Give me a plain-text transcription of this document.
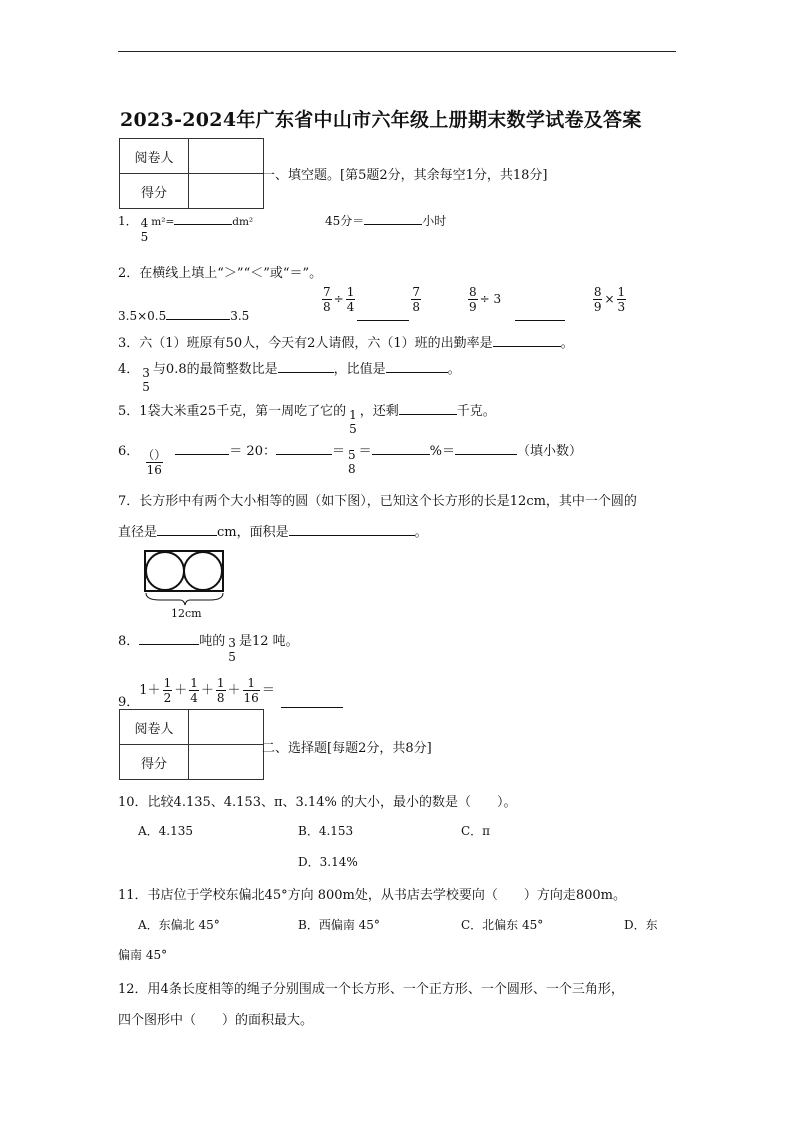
2023-2024年广东省中山市六年级上册期末数学试卷及答案
阅卷人	
得分	
一、填空题。[第5题2分，其余每空1分，共18分]
1． 4
5
m²=	dm²	45分＝	小时
2．在横线上填上“＞”“＜”或“＝”。
3.5×0.5	3.5
$\frac{7}{8} \div \frac{1}{4}$	$\frac{7}{8}$	$\frac{8}{9} \div 3$	$\frac{8}{9} \times \frac{1}{3}$
3．六（1）班原有50人，今天有2人请假，六（1）班的出勤率是	。
4． 3
5
与0.8的最简整数比是	，比值是	。
5．1袋大米重25千克，第一周吃了它的 1
5
，还剩	千克。
6． $\frac{()}{16}$	＝ 20：	＝ 5
8
＝	%＝	（填小数）
7．长方形中有两个大小相等的圆（如下图），已知这个长方形的长是12cm，其中一个圆的
直径是	cm，面积是	。
12cm
8．	吨的 3
5
是12 吨。
9．$1+ \frac{1}{2} + \frac{1}{4} + \frac{1}{8} + \frac{1}{16}$ ＝
阅卷人	
得分	
二、选择题[每题2分，共8分]
10．比较4.135、4.153、π、3.14% 的大小，最小的数是（　　）。
A．4.135	B．4.153	C．π
D．3.14%
11．书店位于学校东偏北45°方向 800m处，从书店去学校要向（　　）方向走800m。
A．东偏北 45°	B．西偏南 45°	C．北偏东 45°	D．东
偏南 45°
12．用4条长度相等的绳子分别围成一个长方形、一个正方形、一个圆形、一个三角形，
四个图形中（　　）的面积最大。
